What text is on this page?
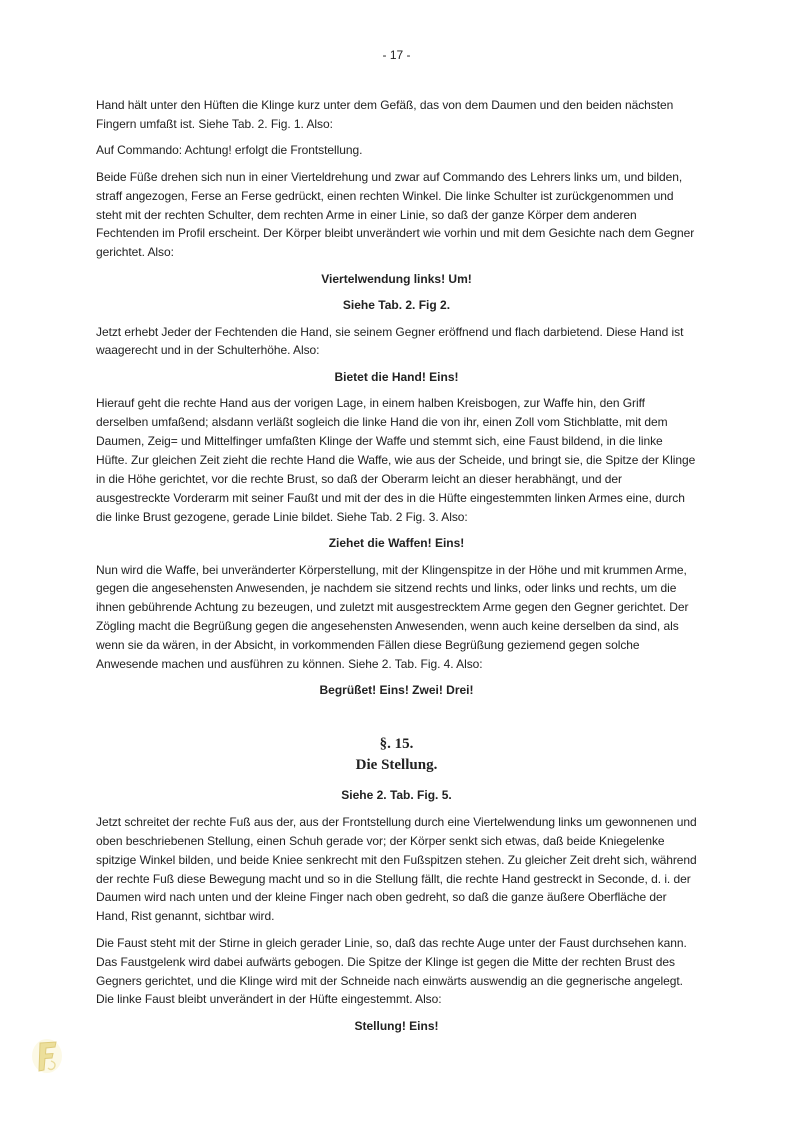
- 17 -

Hand hält unter den Hüften die Klinge kurz unter dem Gefäß, das von dem Daumen und den beiden nächsten Fingern umfaßt ist. Siehe Tab. 2. Fig. 1. Also:

Auf Commando: Achtung! erfolgt die Frontstellung.

Beide Füße drehen sich nun in einer Vierteldrehung und zwar auf Commando des Lehrers links um, und bilden, straff angezogen, Ferse an Ferse gedrückt, einen rechten Winkel. Die linke Schulter ist zurückgenommen und steht mit der rechten Schulter, dem rechten Arme in einer Linie, so daß der ganze Körper dem anderen Fechtenden im Profil erscheint. Der Körper bleibt unverändert wie vorhin und mit dem Gesichte nach dem Gegner gerichtet. Also:

Viertelwendung links! Um!

Siehe Tab. 2. Fig 2.

Jetzt erhebt Jeder der Fechtenden die Hand, sie seinem Gegner eröffnend und flach darbietend. Diese Hand ist waagerecht und in der Schulterhöhe. Also:

Bietet die Hand! Eins!

Hierauf geht die rechte Hand aus der vorigen Lage, in einem halben Kreisbogen, zur Waffe hin, den Griff derselben umfaßend; alsdann verläßt sogleich die linke Hand die von ihr, einen Zoll vom Stichblatte, mit dem Daumen, Zeig= und Mittelfinger umfaßten Klinge der Waffe und stemmt sich, eine Faust bildend, in die linke Hüfte. Zur gleichen Zeit zieht die rechte Hand die Waffe, wie aus der Scheide, und bringt sie, die Spitze der Klinge in die Höhe gerichtet, vor die rechte Brust, so daß der Oberarm leicht an dieser herabhängt, und der ausgestreckte Vorderarm mit seiner Faußt und mit der des in die Hüfte eingestemmten linken Armes eine, durch die linke Brust gezogene, gerade Linie bildet. Siehe Tab. 2 Fig. 3. Also:

Ziehet die Waffen! Eins!

Nun wird die Waffe, bei unveränderter Körperstellung, mit der Klingenspitze in der Höhe und mit krummen Arme, gegen die angesehensten Anwesenden, je nachdem sie sitzend rechts und links, oder links und rechts, um die ihnen gebührende Achtung zu bezeugen, und zuletzt mit ausgestrecktem Arme gegen den Gegner gerichtet. Der Zögling macht die Begrüßung gegen die angesehensten Anwesenden, wenn auch keine derselben da sind, als wenn sie da wären, in der Absicht, in vorkommenden Fällen diese Begrüßung geziemend gegen solche Anwesende machen und ausführen zu können. Siehe 2. Tab. Fig. 4. Also:

Begrüßet! Eins! Zwei! Drei!

§. 15.
Die Stellung.

Siehe 2. Tab. Fig. 5.

Jetzt schreitet der rechte Fuß aus der, aus der Frontstellung durch eine Viertelwendung links um gewonnenen und oben beschriebenen Stellung, einen Schuh gerade vor; der Körper senkt sich etwas, daß beide Kniegelenke spitzige Winkel bilden, und beide Kniee senkrecht mit den Fußspitzen stehen. Zu gleicher Zeit dreht sich, während der rechte Fuß diese Bewegung macht und so in die Stellung fällt, die rechte Hand gestreckt in Seconde, d. i. der Daumen wird nach unten und der kleine Finger nach oben gedreht, so daß die ganze äußere Oberfläche der Hand, Rist genannt, sichtbar wird.

Die Faust steht mit der Stirne in gleich gerader Linie, so, daß das rechte Auge unter der Faust durchsehen kann. Das Faustgelenk wird dabei aufwärts gebogen. Die Spitze der Klinge ist gegen die Mitte der rechten Brust des Gegners gerichtet, und die Klinge wird mit der Schneide nach einwärts auswendig an die gegnerische angelegt. Die linke Faust bleibt unverändert in der Hüfte eingestemmt. Also:

Stellung! Eins!
